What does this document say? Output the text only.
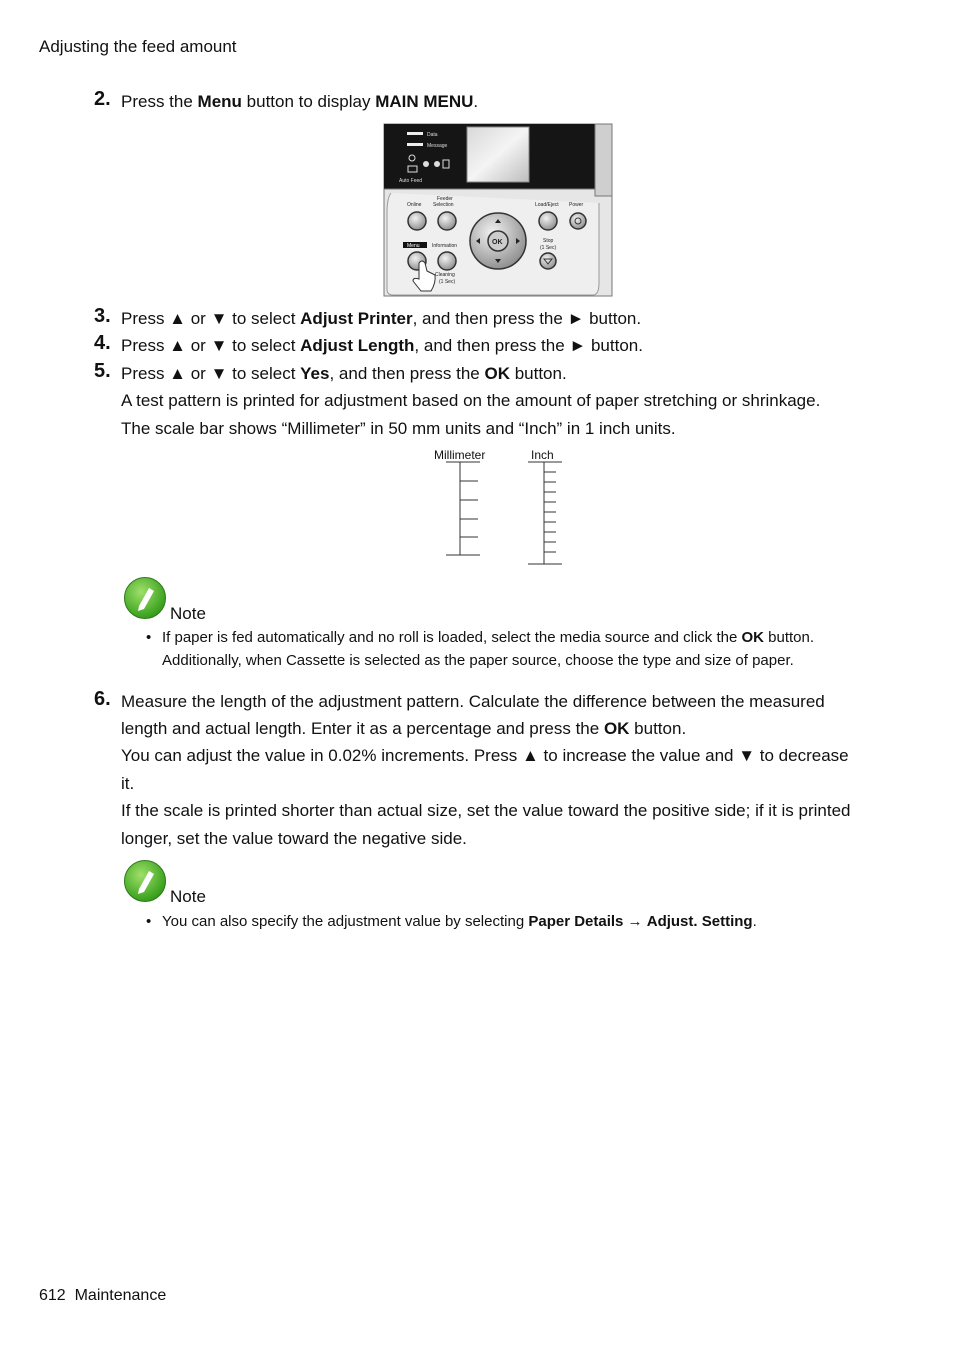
Adjusting the feed amount
2. Press the Menu button to display MAIN MENU.
Data
Message
Auto Feed
Online
Feeder
Selection
Menu Information
Cleaning
(1 Sec)
OK
Load/Eject Power
Stop
(1 Sec)
3. Press ▲ or ▼ to select Adjust Printer, and then press the ► button.
4. Press ▲ or ▼ to select Adjust Length, and then press the ► button.
5. Press ▲ or ▼ to select Yes, and then press the OK button.
A test pattern is printed for adjustment based on the amount of paper stretching or shrinkage.
The scale bar shows “Millimeter” in 50 mm units and “Inch” in 1 inch units.
Millimeter	Inch
Note
• If paper is fed automatically and no roll is loaded, select the media source and click the OK button.
Additionally, when Cassette is selected as the paper source, choose the type and size of paper.
6. Measure the length of the adjustment pattern. Calculate the difference between the measured
length and actual length. Enter it as a percentage and press the OK button.
You can adjust the value in 0.02% increments. Press ▲ to increase the value and ▼ to decrease
it.
If the scale is printed shorter than actual size, set the value toward the positive side; if it is printed
longer, set the value toward the negative side.
Note
• You can also specify the adjustment value by selecting Paper Details → Adjust. Setting.
612 Maintenance
